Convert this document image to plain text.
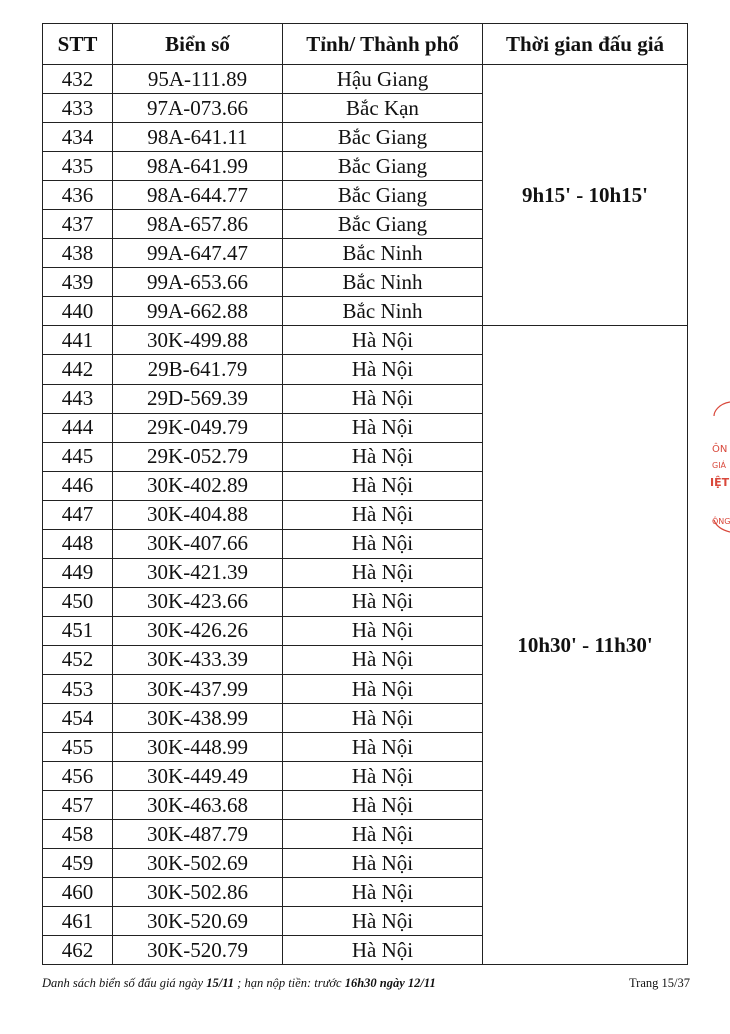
STT	Biển số	Tỉnh/ Thành phố	Thời gian đấu giá
432	95A-111.89	Hậu Giang	9h15' - 10h15'
433	97A-073.66	Bắc Kạn	
434	98A-641.11	Bắc Giang	
435	98A-641.99	Bắc Giang	
436	98A-644.77	Bắc Giang	
437	98A-657.86	Bắc Giang	
438	99A-647.47	Bắc Ninh	
439	99A-653.66	Bắc Ninh	
440	99A-662.88	Bắc Ninh	
441	30K-499.88	Hà Nội	10h30' - 11h30'
442	29B-641.79	Hà Nội	
443	29D-569.39	Hà Nội	
444	29K-049.79	Hà Nội	
445	29K-052.79	Hà Nội	
446	30K-402.89	Hà Nội	
447	30K-404.88	Hà Nội	
448	30K-407.66	Hà Nội	
449	30K-421.39	Hà Nội	
450	30K-423.66	Hà Nội	
451	30K-426.26	Hà Nội	
452	30K-433.39	Hà Nội	
453	30K-437.99	Hà Nội	
454	30K-438.99	Hà Nội	
455	30K-448.99	Hà Nội	
456	30K-449.49	Hà Nội	
457	30K-463.68	Hà Nội	
458	30K-487.79	Hà Nội	
459	30K-502.69	Hà Nội	
460	30K-502.86	Hà Nội	
461	30K-520.69	Hà Nội	
462	30K-520.79	Hà Nội	
Danh sách biển số đấu giá ngày 15/11 ; hạn nộp tiền: trước 16h30 ngày 12/11	Trang 15/37
ÔN
GIÁ
IỆT
ÔNG
